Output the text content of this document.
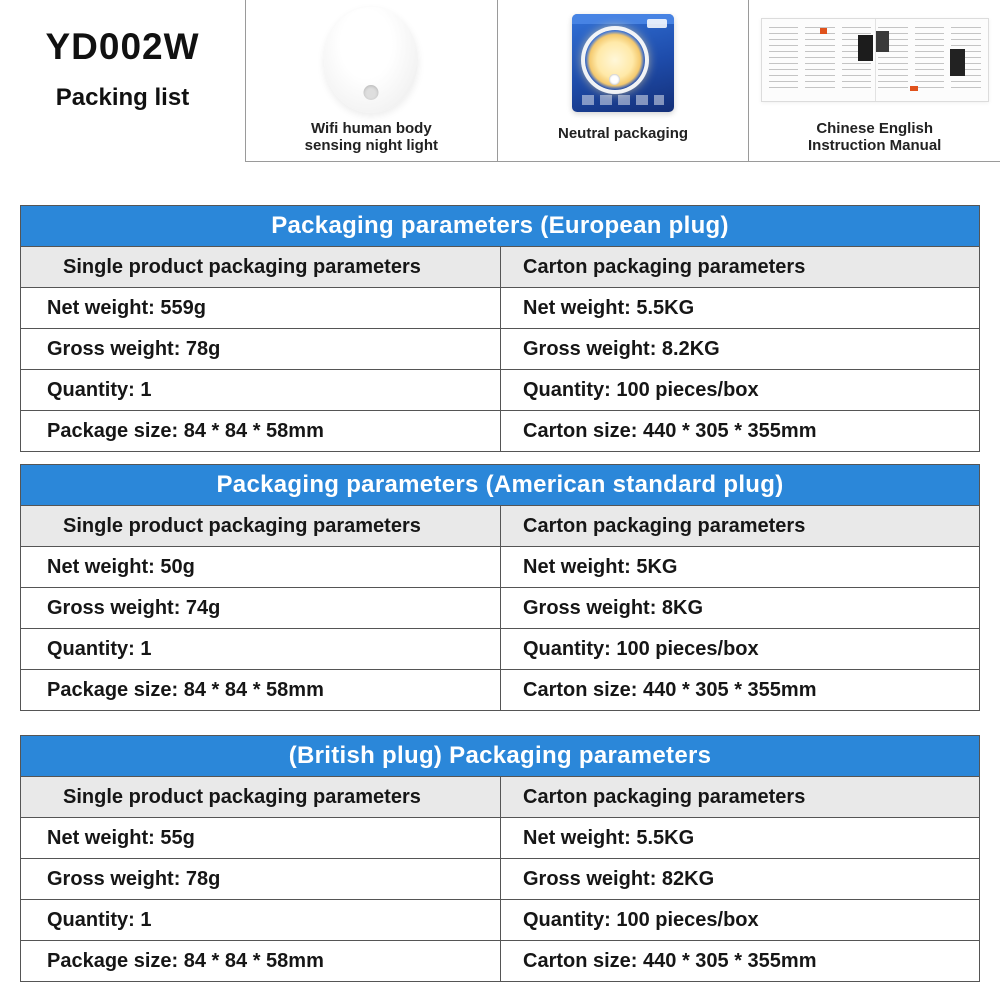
YD002W
Packing list
Wifi human body
sensing night light
Neutral packaging	Chinese English
Instruction Manual
Packaging parameters (European plug)
Single product packaging parameters	Carton packaging parameters
Net weight: 559g	Net weight: 5.5KG
Gross weight: 78g	Gross weight: 8.2KG
Quantity: 1	Quantity: 100 pieces/box
Package size: 84 * 84 * 58mm	Carton size: 440 * 305 * 355mm
Packaging parameters (American standard plug)
Single product packaging parameters	Carton packaging parameters
Net weight: 50g	Net weight: 5KG
Gross weight: 74g	Gross weight: 8KG
Quantity: 1	Quantity: 100 pieces/box
Package size: 84 * 84 * 58mm	Carton size: 440 * 305 * 355mm
(British plug) Packaging parameters
Single product packaging parameters	Carton packaging parameters
Net weight: 55g	Net weight: 5.5KG
Gross weight: 78g	Gross weight: 82KG
Quantity: 1	Quantity: 100 pieces/box
Package size: 84 * 84 * 58mm	Carton size: 440 * 305 * 355mm
